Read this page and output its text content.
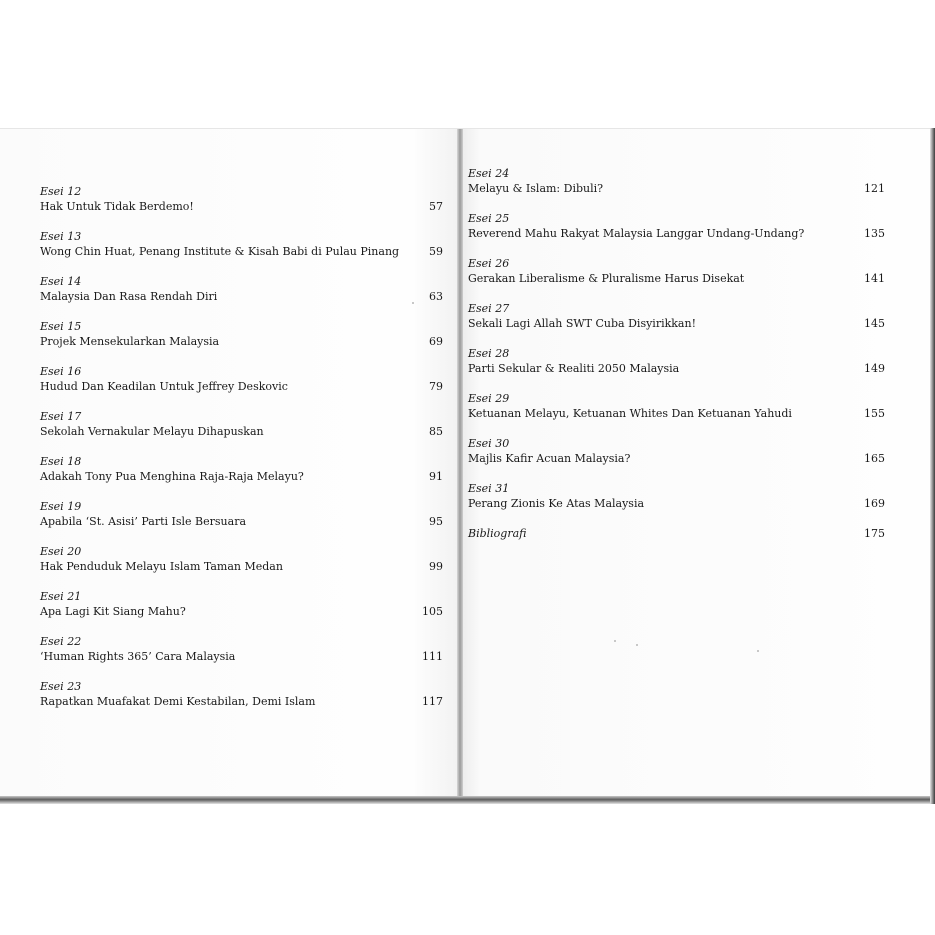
Esei 12
Hak Untuk Tidak Berdemo!	57
Esei 13
Wong Chin Huat, Penang Institute & Kisah Babi di Pulau Pinang	59
Esei 14
Malaysia Dan Rasa Rendah Diri	63
Esei 15
Projek Mensekularkan Malaysia	69
Esei 16
Hudud Dan Keadilan Untuk Jeffrey Deskovic	79
Esei 17
Sekolah Vernakular Melayu Dihapuskan	85
Esei 18
Adakah Tony Pua Menghina Raja-Raja Melayu?	91
Esei 19
Apabila ‘St. Asisi’ Parti Isle Bersuara	95
Esei 20
Hak Penduduk Melayu Islam Taman Medan	99
Esei 21
Apa Lagi Kit Siang Mahu?	105
Esei 22
‘Human Rights 365’ Cara Malaysia	111
Esei 23
Rapatkan Muafakat Demi Kestabilan, Demi Islam	117
Esei 24
Melayu & Islam: Dibuli?	121
Esei 25
Reverend Mahu Rakyat Malaysia Langgar Undang-Undang?	135
Esei 26
Gerakan Liberalisme & Pluralisme Harus Disekat	141
Esei 27
Sekali Lagi Allah SWT Cuba Disyirikkan!	145
Esei 28
Parti Sekular & Realiti 2050 Malaysia	149
Esei 29
Ketuanan Melayu, Ketuanan Whites Dan Ketuanan Yahudi	155
Esei 30
Majlis Kafir Acuan Malaysia?	165
Esei 31
Perang Zionis Ke Atas Malaysia	169
Bibliografi	175
